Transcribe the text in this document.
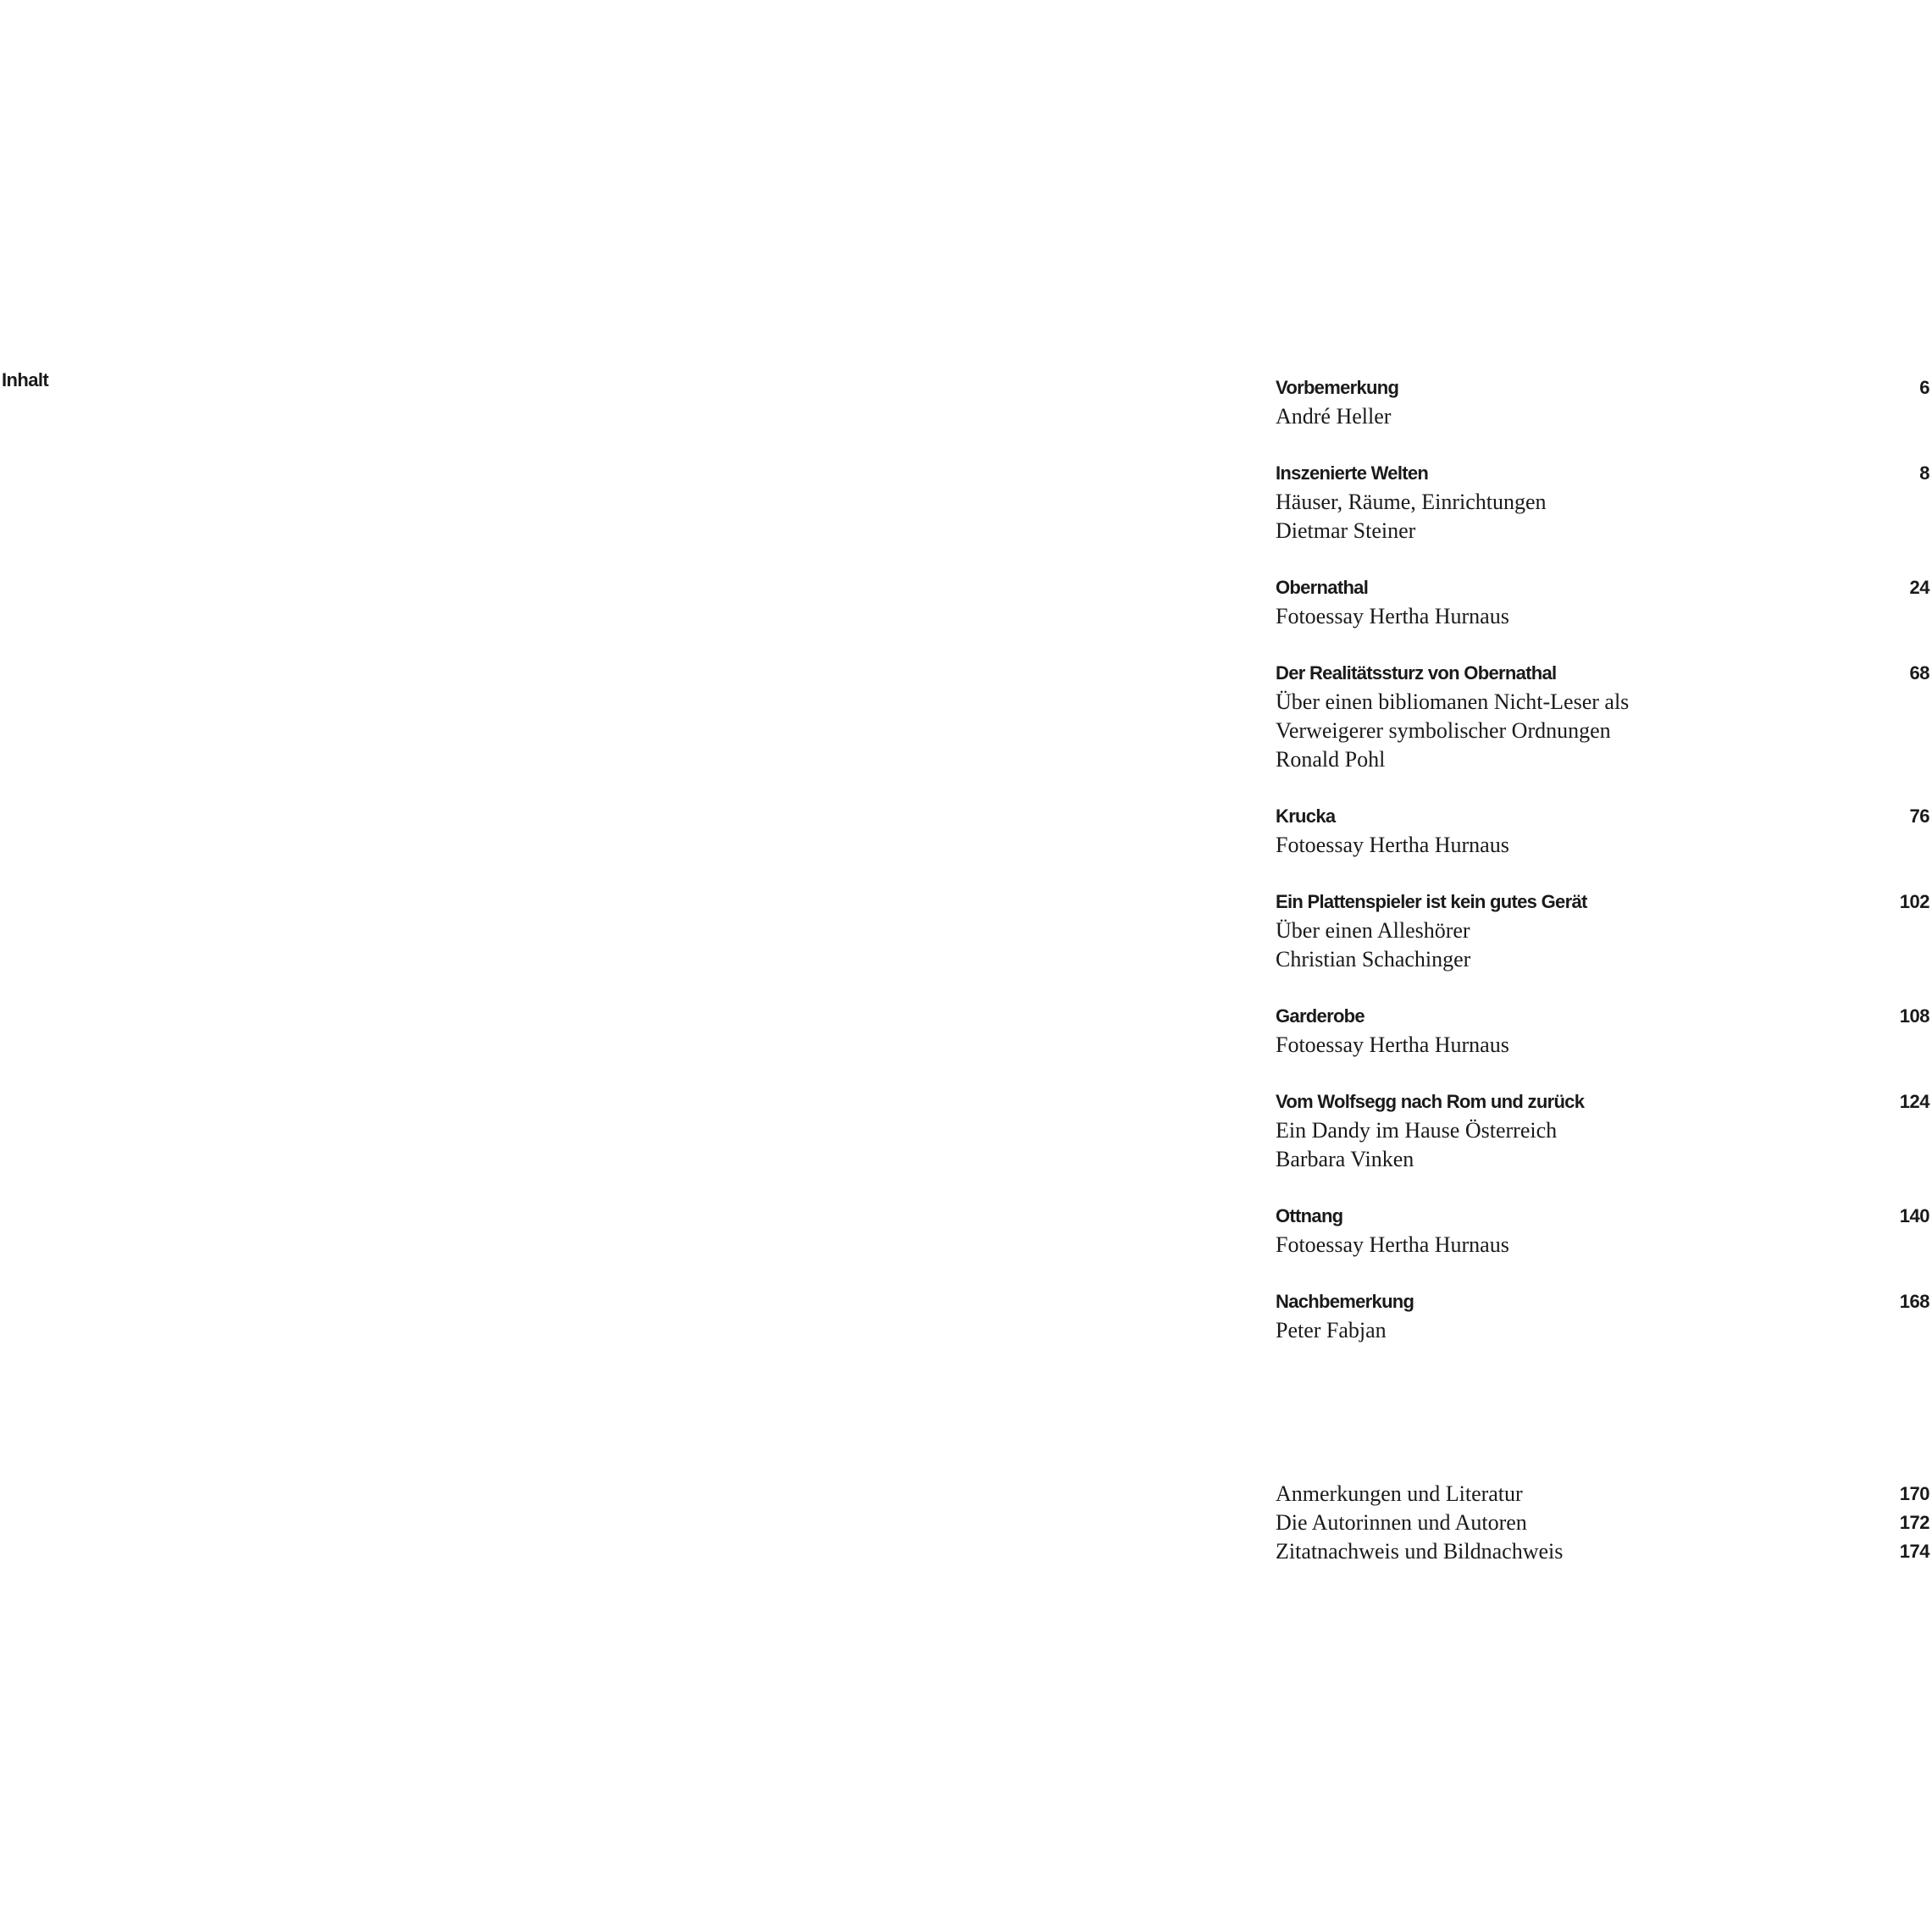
Inhalt	Vorbemerkung	6
André Heller
Inszenierte Welten	8
Häuser, Räume, Einrichtungen
Dietmar Steiner
Obernathal	24
Fotoessay Hertha Hurnaus
Der Realitätssturz von Obernathal	68
Über einen bibliomanen Nicht-Leser als
Verweigerer symbolischer Ordnungen
Ronald Pohl
Krucka	76
Fotoessay Hertha Hurnaus
Ein Plattenspieler ist kein gutes Gerät	102
Über einen Alleshörer
Christian Schachinger
Garderobe	108
Fotoessay Hertha Hurnaus
Vom Wolfsegg nach Rom und zurück	124
Ein Dandy im Hause Österreich
Barbara Vinken
Ottnang	140
Fotoessay Hertha Hurnaus
Nachbemerkung	168
Peter Fabjan
Anmerkungen und Literatur	170
Die Autorinnen und Autoren	172
Zitatnachweis und Bildnachweis	174
